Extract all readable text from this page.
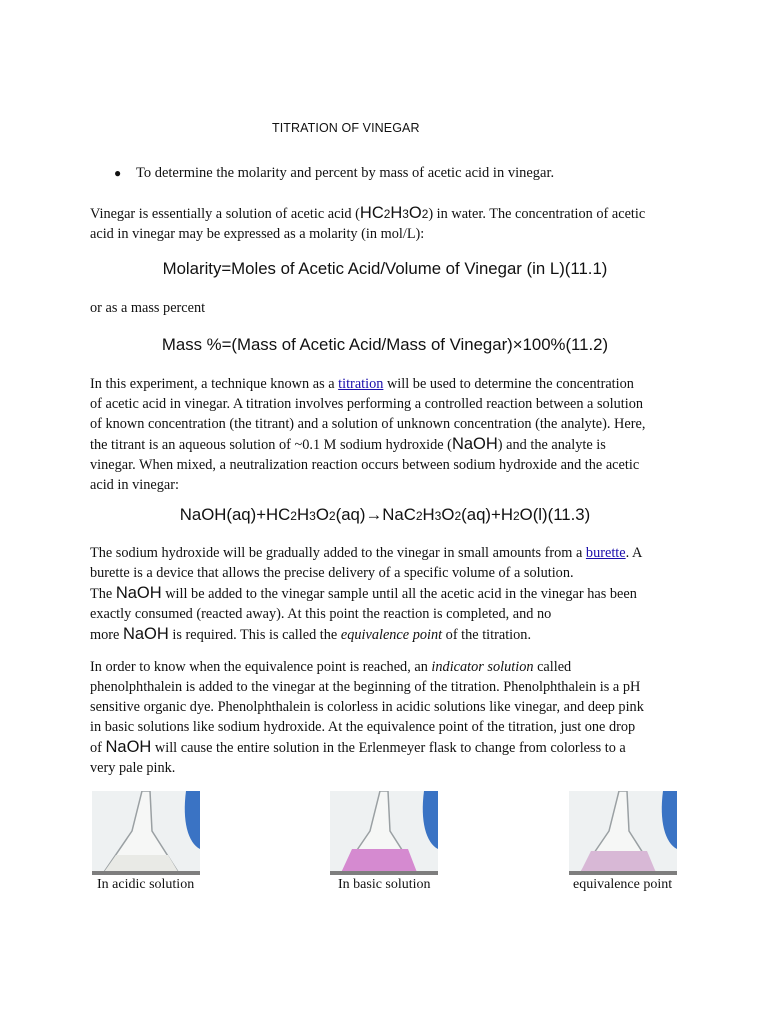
TITRATION OF VINEGAR
●	To determine the molarity and percent by mass of acetic acid in vinegar.
Vinegar is essentially a solution of acetic acid (HC2H3O2) in water. The concentration of acetic
acid in vinegar may be expressed as a molarity (in mol/L):
Molarity=Moles of Acetic Acid/Volume of Vinegar (in L)(11.1)
or as a mass percent
Mass %=(Mass of Acetic Acid/Mass of Vinegar)×100%(11.2)
In this experiment, a technique known as a titration will be used to determine the concentration
of acetic acid in vinegar. A titration involves performing a controlled reaction between a solution
of known concentration (the titrant) and a solution of unknown concentration (the analyte). Here,
the titrant is an aqueous solution of ~0.1 M sodium hydroxide (NaOH) and the analyte is
vinegar. When mixed, a neutralization reaction occurs between sodium hydroxide and the acetic
acid in vinegar:
NaOH(aq)+HC2H3O2(aq)→NaC2H3O2(aq)+H2O(l)(11.3)
The sodium hydroxide will be gradually added to the vinegar in small amounts from a burette. A
burette is a device that allows the precise delivery of a specific volume of a solution.
The NaOH will be added to the vinegar sample until all the acetic acid in the vinegar has been
exactly consumed (reacted away). At this point the reaction is completed, and no
more NaOH is required. This is called the equivalence point of the titration.
In order to know when the equivalence point is reached, an indicator solution called
phenolphthalein is added to the vinegar at the beginning of the titration. Phenolphthalein is a pH
sensitive organic dye. Phenolphthalein is colorless in acidic solutions like vinegar, and deep pink
in basic solutions like sodium hydroxide. At the equivalence point of the titration, just one drop
of NaOH will cause the entire solution in the Erlenmeyer flask to change from colorless to a
very pale pink.
In acidic solution	In basic solution	equivalence point
